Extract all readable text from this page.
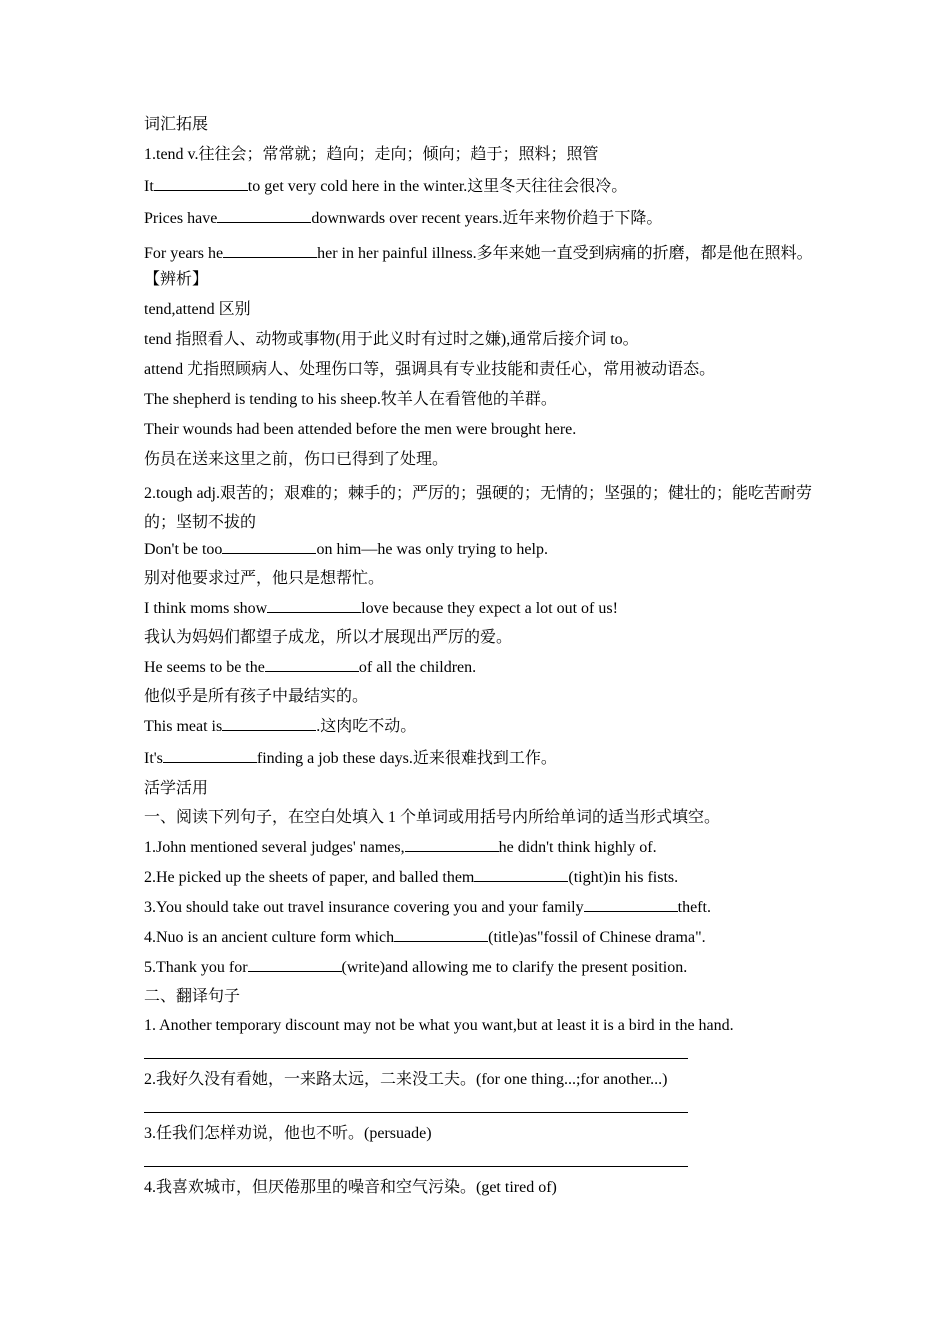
词汇拓展
1.tend v.往往会；常常就；趋向；走向；倾向；趋于；照料；照管
It	to get very cold here in the winter.这里冬天往往会很冷。
Prices have	downwards over recent years.近年来物价趋于下降。
For years he	her in her painful illness.多年来她一直受到病痛的折磨，都是他在照料。
【辨析】
tend,attend 区别
tend 指照看人、动物或事物(用于此义时有过时之嫌),通常后接介词 to。
attend 尤指照顾病人、处理伤口等，强调具有专业技能和责任心，常用被动语态。
The shepherd is tending to his sheep.牧羊人在看管他的羊群。
Their wounds had been attended before the men were brought here.
伤员在送来这里之前，伤口已得到了处理。
2.tough adj.艰苦的；艰难的；棘手的；严厉的；强硬的；无情的；坚强的；健壮的；能吃苦耐劳的；坚韧不拔的
Don't be too	on him—he was only trying to help.
别对他要求过严，他只是想帮忙。
I think moms show	love because they expect a lot out of us!
我认为妈妈们都望子成龙，所以才展现出严厉的爱。
He seems to be the	of all the children.
他似乎是所有孩子中最结实的。
This meat is	.这肉吃不动。
It's	finding a job these days.近来很难找到工作。
活学活用
一、阅读下列句子，在空白处填入 1 个单词或用括号内所给单词的适当形式填空。
1.John mentioned several judges' names,	he didn't think highly of.
2.He picked up the sheets of paper, and balled them	(tight)in his fists.
3.You should take out travel insurance covering you and your family	theft.
4.Nuo is an ancient culture form which	(title)as"fossil of Chinese drama".
5.Thank you for	(write)and allowing me to clarify the present position.
二、翻译句子
1. Another temporary discount may not be what you want,but at least it is a bird in the hand.
2.我好久没有看她，一来路太远，二来没工夫。(for one thing...;for another...)
3.任我们怎样劝说，他也不听。(persuade)
4.我喜欢城市，但厌倦那里的噪音和空气污染。(get tired of)
